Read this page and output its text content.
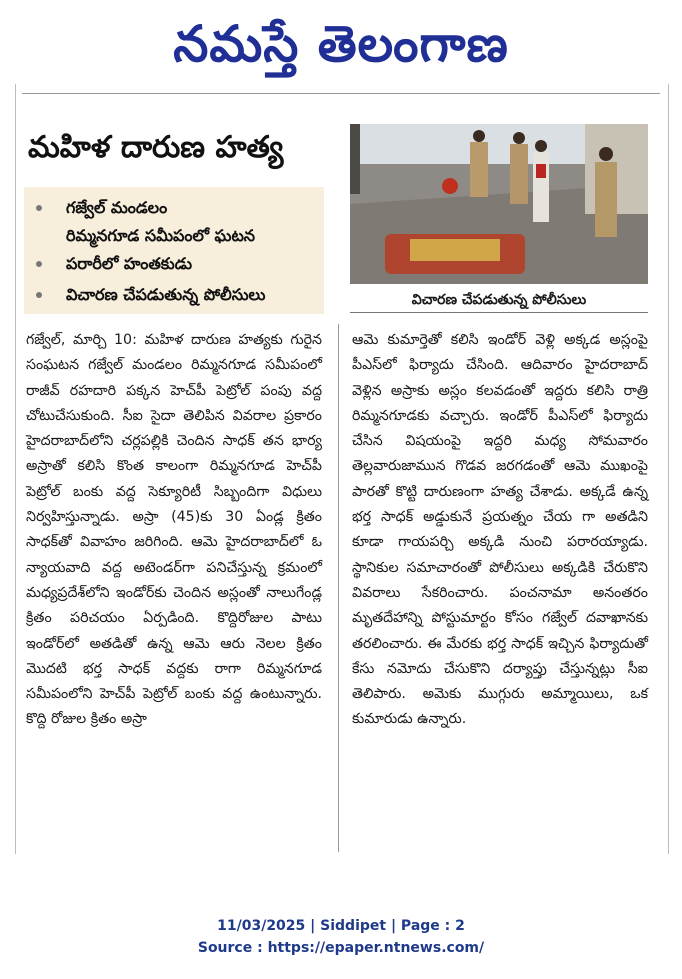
నమస్తే తెలంగాణ
మహిళ దారుణ హత్య
గజ్వేల్ మండలం
రిమ్మనగూడ సమీపంలో ఘటన
పరారీలో హంతకుడు
విచారణ చేపడుతున్న పోలీసులు	విచారణ చేపడుతున్న పోలీసులు

గజ్వేల్, మార్చి 10: మహిళ దారుణ హత్యకు గురైన సంఘటన గజ్వేల్ మండలం రిమ్మనగూడ సమీపంలో రాజీవ్ రహదారి పక్కన హెచ్‌పీ పెట్రోల్ పంపు వద్ద చోటుచేసుకుంది. సీఐ సైదా తెలిపిన వివరాల ప్రకారం హైదరాబాద్‌లోని చర్లపల్లికి చెందిన సాధక్ తన భార్య అస్రాతో కలిసి కొంత కాలంగా రిమ్మనగూడ హెచ్‌పీ పెట్రోల్ బంకు వద్ద సెక్యూరిటీ సిబ్బందిగా విధులు నిర్వహిస్తున్నాడు. అస్రా (45)కు 30 ఏండ్ల క్రితం సాధక్‌తో వివాహం జరిగింది. ఆమె హైదరాబాద్‌లో ఓ న్యాయవాది వద్ద అటెండర్‌గా పనిచేస్తున్న క్రమంలో మధ్యప్రదేశ్‌లోని ఇండోర్‌కు చెందిన అస్లంతో నాలుగేండ్ల క్రితం పరిచయం ఏర్పడింది. కొద్దిరోజుల పాటు ఇండోర్‌లో అతడితో ఉన్న ఆమె ఆరు నెలల క్రితం మొదటి భర్త సాధక్ వద్దకు రాగా రిమ్మనగూడ సమీపంలోని హెచ్‌పీ పెట్రోల్ బంకు వద్ద ఉంటున్నారు. కొద్ది రోజుల క్రితం అస్రా

ఆమె కుమార్తెతో కలిసి ఇండోర్ వెళ్లి అక్కడ అస్లంపై పీఎస్‌లో ఫిర్యాదు చేసింది. ఆదివారం హైదరాబాద్ వెళ్లిన అస్రాకు అస్లం కలవడంతో ఇద్దరు కలిసి రాత్రి రిమ్మనగూడకు వచ్చారు. ఇండోర్ పీఎస్‌లో ఫిర్యాదు చేసిన విషయంపై ఇద్దరి మధ్య సోమవారం తెల్లవారుజామున గొడవ జరగడంతో ఆమె ముఖంపై పారతో కొట్టి దారుణంగా హత్య చేశాడు. అక్కడే ఉన్న భర్త సాధక్ అడ్డుకునే ప్రయత్నం చేయ గా అతడిని కూడా గాయపర్చి అక్కడి నుంచి పరారయ్యాడు. స్థానికుల సమాచారంతో పోలీసులు అక్కడికి చేరుకొని వివరాలు సేకరించారు. పంచనామా అనంతరం మృతదేహాన్ని పోస్టుమార్టం కోసం గజ్వేల్ దవాఖానకు తరలించారు. ఈ మేరకు భర్త సాధక్ ఇచ్చిన ఫిర్యాదుతో కేసు నమోదు చేసుకొని దర్యాప్తు చేస్తున్నట్లు సీఐ తెలిపారు. అమెకు ముగ్గురు అమ్మాయిలు, ఒక కుమారుడు ఉన్నారు.

11/03/2025 | Siddipet | Page : 2
Source : https://epaper.ntnews.com/
